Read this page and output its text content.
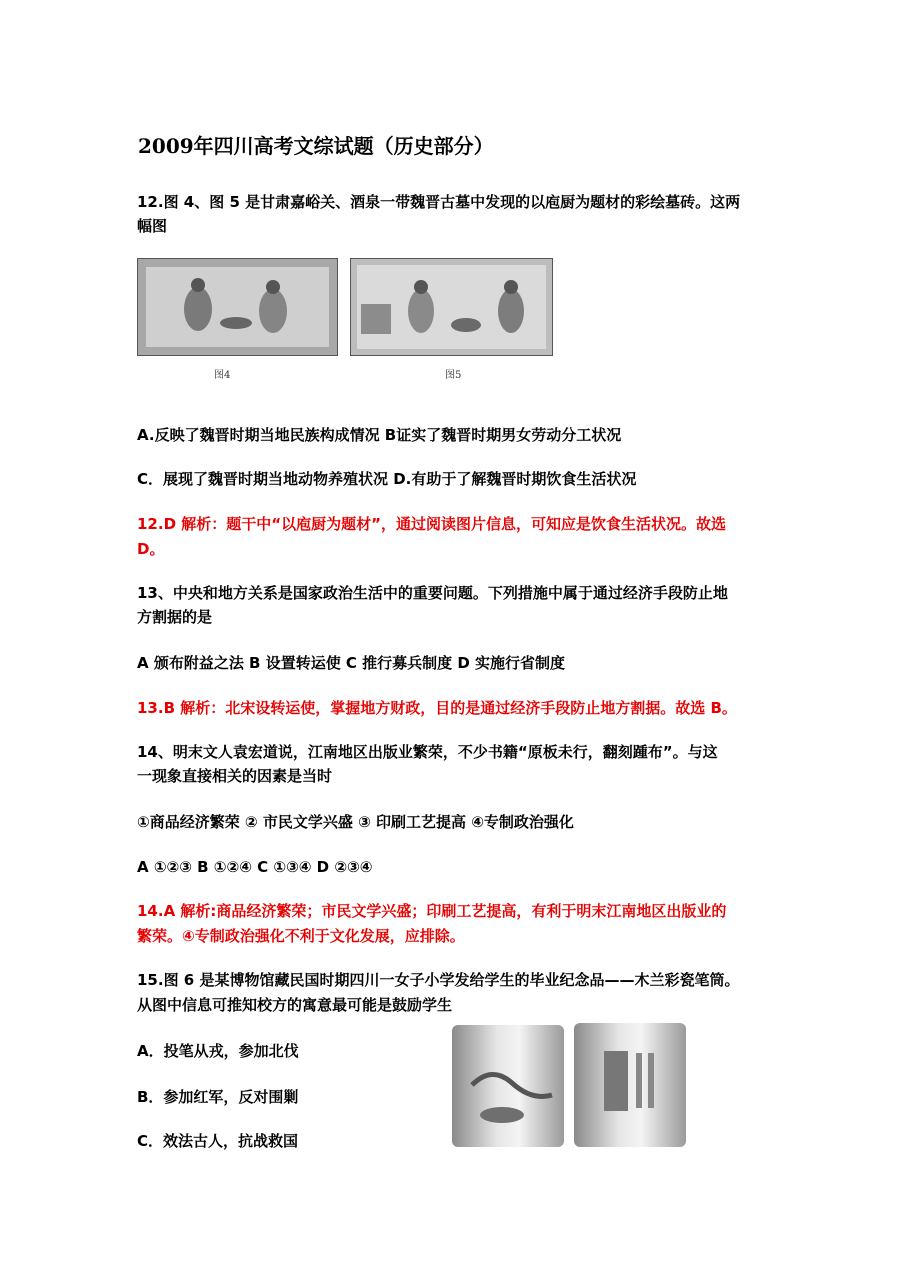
2009年四川高考文综试题（历史部分）
12.图 4、图 5 是甘肃嘉峪关、酒泉一带魏晋古墓中发现的以庖厨为题材的彩绘墓砖。这两
幅图
图4	图5
A.反映了魏晋时期当地民族构成情况 B证实了魏晋时期男女劳动分工状况
C．展现了魏晋时期当地动物养殖状况 D.有助于了解魏晋时期饮食生活状况
12.D 解析：题干中“以庖厨为题材”，通过阅读图片信息，可知应是饮食生活状况。故选
D。
13、中央和地方关系是国家政治生活中的重要问题。下列措施中属于通过经济手段防止地
方割据的是
A 颁布附益之法 B 设置转运使 C 推行募兵制度 D 实施行省制度
13.B 解析：北宋设转运使，掌握地方财政，目的是通过经济手段防止地方割据。故选 B。
14、明末文人袁宏道说，江南地区出版业繁荣，不少书籍“原板未行，翻刻踵布”。与这
一现象直接相关的因素是当时
①商品经济繁荣 ② 市民文学兴盛 ③ 印刷工艺提高 ④专制政治强化
A ①②③ B ①②④ C ①③④ D ②③④
14.A 解析:商品经济繁荣；市民文学兴盛；印刷工艺提高，有利于明末江南地区出版业的
繁荣。④专制政治强化不利于文化发展，应排除。
15.图 6 是某博物馆藏民国时期四川一女子小学发给学生的毕业纪念品——木兰彩瓷笔筒。
从图中信息可推知校方的寓意最可能是鼓励学生
A．投笔从戎，参加北伐
B．参加红军，反对围剿
C．效法古人，抗战救国
